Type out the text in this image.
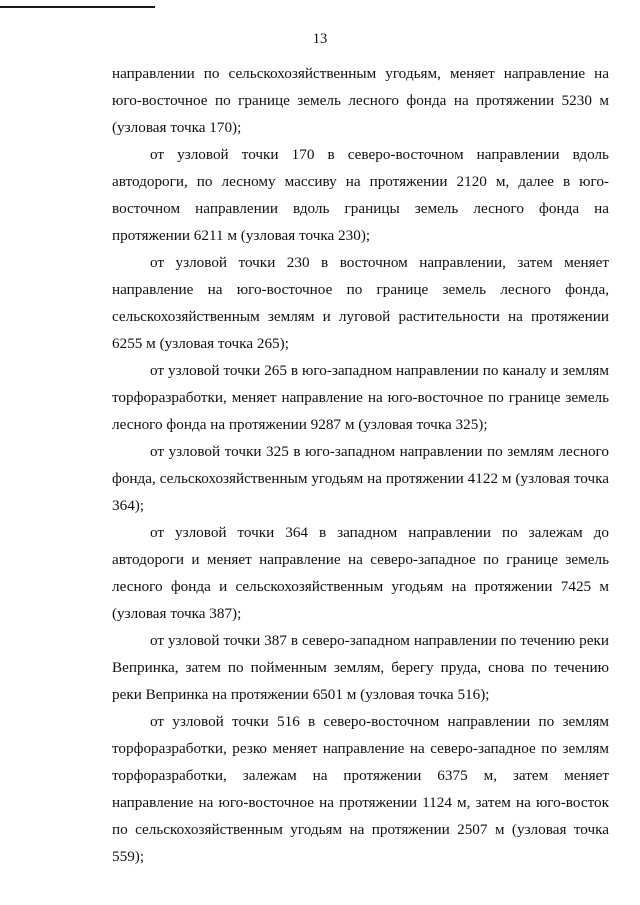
13

направлении по сельскохозяйственным угодьям, меняет направление на юго-восточное по границе земель лесного фонда на протяжении 5230 м (узловая точка 170);

от узловой точки 170 в северо-восточном направлении вдоль автодороги, по лесному массиву на протяжении 2120 м, далее в юго-восточном направлении вдоль границы земель лесного фонда на протяжении 6211 м (узловая точка 230);

от узловой точки 230 в восточном направлении, затем меняет направление на юго-восточное по границе земель лесного фонда, сельскохозяйственным землям и луговой растительности на протяжении 6255 м (узловая точка 265);

от узловой точки 265 в юго-западном направлении по каналу и землям торфоразработки, меняет направление на юго-восточное по границе земель лесного фонда на протяжении 9287 м (узловая точка 325);

от узловой точки 325 в юго-западном направлении по землям лесного фонда, сельскохозяйственным угодьям на протяжении 4122 м (узловая точка 364);

от узловой точки 364 в западном направлении по залежам до автодороги и меняет направление на северо-западное по границе земель лесного фонда и сельскохозяйственным угодьям на протяжении 7425 м (узловая точка 387);

от узловой точки 387 в северо-западном направлении по течению реки Вепринка, затем по пойменным землям, берегу пруда, снова по течению реки Вепринка на протяжении 6501 м (узловая точка 516);

от узловой точки 516 в северо-восточном направлении по землям торфоразработки, резко меняет направление на северо-западное по землям торфоразработки, залежам на протяжении 6375 м, затем меняет направление на юго-восточное на протяжении 1124 м, затем на юго-восток по сельскохозяйственным угодьям на протяжении 2507 м (узловая точка 559);
